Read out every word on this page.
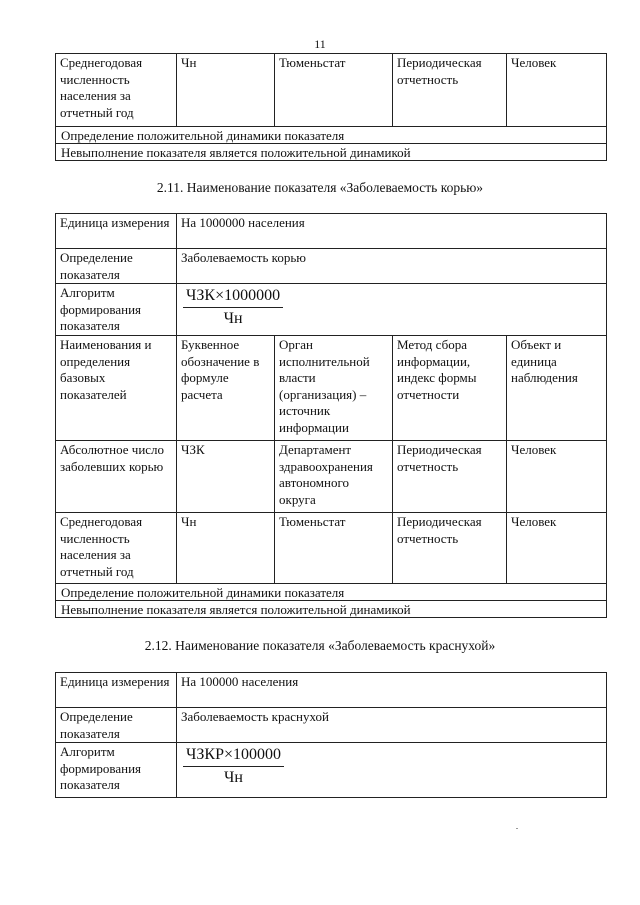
11
Среднегодовая численность населения за отчетный год	Чн	Тюменьстат	Периодическая отчетность	Человек
Определение положительной динамики показателя
Невыполнение показателя является положительной динамикой
2.11. Наименование показателя «Заболеваемость корью»
Единица измерения	На 1000000 населения			
Определение показателя	Заболеваемость корью			
Алгоритм формирования показателя	$\frac{\text{ЧЗК×1000000}}{Чн}$

Наименования и определения базовых показателей	Буквенное обозначение в формуле расчета	Орган исполнительной власти (организация) – источник информации	Метод сбора информации, индекс формы отчетности	Объект и единица наблюдения
Абсолютное число заболевших корью	ЧЗК	Департамент здравоохранения автономного округа	Периодическая отчетность	Человек
Среднегодовая численность населения за отчетный год	Чн	Тюменьстат	Периодическая отчетность	Человек
Определение положительной динамики показателя				
Невыполнение показателя является положительной динамикой				
2.12. Наименование показателя «Заболеваемость краснухой»
Единица измерения	На 100000 населения
Определение показателя	Заболеваемость краснухой
Алгоритм формирования показателя	$\frac{\text{ЧЗКР×100000}}{Чн}$
